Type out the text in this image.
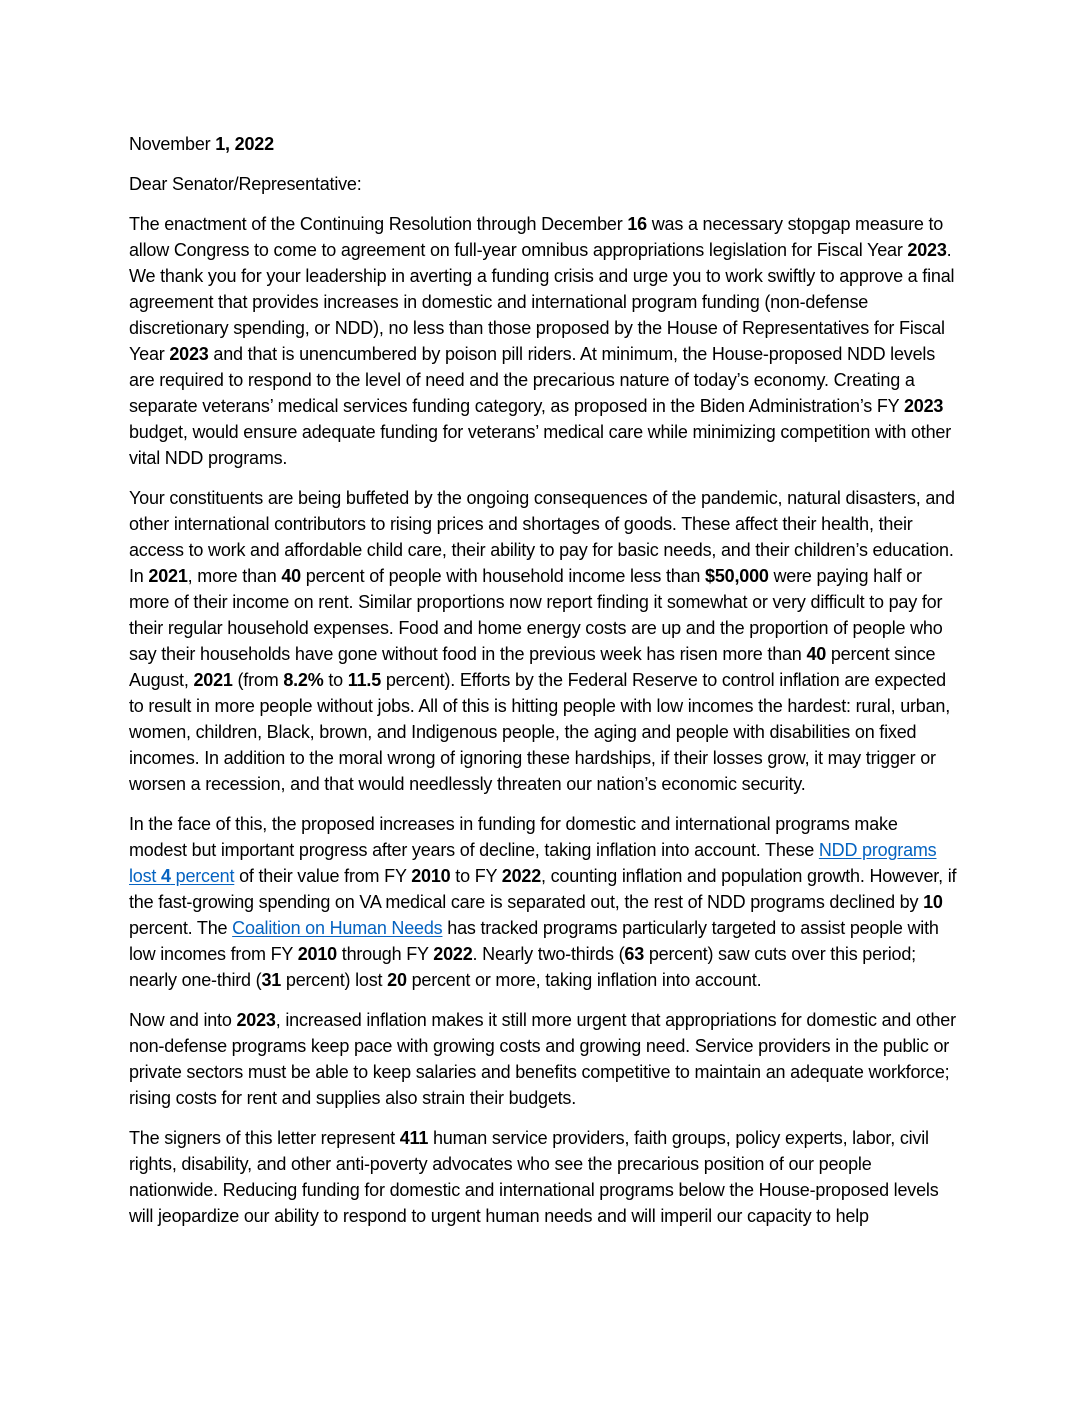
November 1, 2022
Dear Senator/Representative:
The enactment of the Continuing Resolution through December 16 was a necessary stopgap measure to allow Congress to come to agreement on full-year omnibus appropriations legislation for Fiscal Year 2023. We thank you for your leadership in averting a funding crisis and urge you to work swiftly to approve a final agreement that provides increases in domestic and international program funding (non-defense discretionary spending, or NDD), no less than those proposed by the House of Representatives for Fiscal Year 2023 and that is unencumbered by poison pill riders. At minimum, the House-proposed NDD levels are required to respond to the level of need and the precarious nature of today’s economy. Creating a separate veterans’ medical services funding category, as proposed in the Biden Administration’s FY 2023 budget, would ensure adequate funding for veterans’ medical care while minimizing competition with other vital NDD programs.
Your constituents are being buffeted by the ongoing consequences of the pandemic, natural disasters, and other international contributors to rising prices and shortages of goods. These affect their health, their access to work and affordable child care, their ability to pay for basic needs, and their children’s education. In 2021, more than 40 percent of people with household income less than $50,000 were paying half or more of their income on rent. Similar proportions now report finding it somewhat or very difficult to pay for their regular household expenses. Food and home energy costs are up and the proportion of people who say their households have gone without food in the previous week has risen more than 40 percent since August, 2021 (from 8.2% to 11.5 percent). Efforts by the Federal Reserve to control inflation are expected to result in more people without jobs. All of this is hitting people with low incomes the hardest: rural, urban, women, children, Black, brown, and Indigenous people, the aging and people with disabilities on fixed incomes. In addition to the moral wrong of ignoring these hardships, if their losses grow, it may trigger or worsen a recession, and that would needlessly threaten our nation’s economic security.
In the face of this, the proposed increases in funding for domestic and international programs make modest but important progress after years of decline, taking inflation into account. These NDD programs lost 4 percent of their value from FY 2010 to FY 2022, counting inflation and population growth. However, if the fast-growing spending on VA medical care is separated out, the rest of NDD programs declined by 10 percent. The Coalition on Human Needs has tracked programs particularly targeted to assist people with low incomes from FY 2010 through FY 2022. Nearly two-thirds (63 percent) saw cuts over this period; nearly one-third (31 percent) lost 20 percent or more, taking inflation into account.
Now and into 2023, increased inflation makes it still more urgent that appropriations for domestic and other non-defense programs keep pace with growing costs and growing need. Service providers in the public or private sectors must be able to keep salaries and benefits competitive to maintain an adequate workforce; rising costs for rent and supplies also strain their budgets.
The signers of this letter represent 411 human service providers, faith groups, policy experts, labor, civil rights, disability, and other anti-poverty advocates who see the precarious position of our people nationwide. Reducing funding for domestic and international programs below the House-proposed levels will jeopardize our ability to respond to urgent human needs and will imperil our capacity to help
